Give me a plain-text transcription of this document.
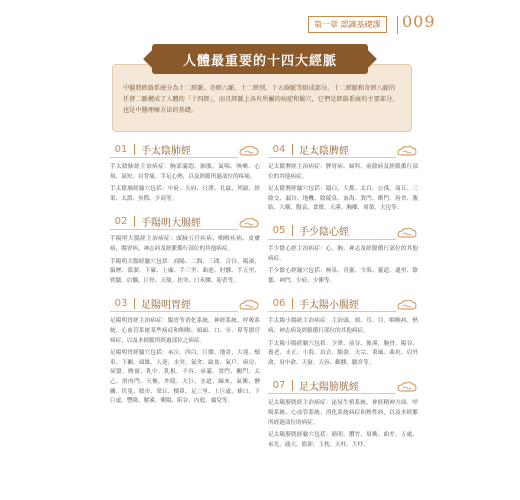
第一章 認識基礎課	009
中醫將經絡系統分為十二經脈、奇經八脈、十二經別、十五絡脈等組成部分。十二經脈和奇經八脈的任督二脈構成了人體的「十四經」，而且經脈上各有所屬的病症和臉穴，它們是經絡系統的主要部分，也是中醫理療方法的基礎。
人體最重要的十四大經脈
01	手太陰肺經

手太陰肺經主治病症：胸部滿悶、肺脹、氣喘、咳嗽、心煩、氣短、肩背痛、手足心熱，以及經脈所過部位的疼痛。

手太陰肺經腧穴包括：中府、天府、尺澤、孔最、列缺、經渠、太淵、魚際、少商等。

02	手陽明大腸經

手陽明大腸經主治病症：頭臉五官疾病、咽喉疾病、皮膚病、腸胃病、神志病及經脈循行部位的其他病症。

手陽明大腸經腧穴包括：商陽、二間、三間、合谷、陽溪、偏歷、溫溜、下廉、上廉、手三里、曲池、肘髎、手五里、臂臑、肩髃、巨骨、天鼎、扶突、口禾髎、迎香等。

03	足陽明胃經

足陽明胃經主治病症：腸胃等消化系統、神經系統、呼吸系統、心血管系統某些病症和咽喉、頭面、口、牙、鼻等器官病症，以及本經脈所經過部位之病症。

足陽明胃經腧穴包括：承泣、四白、巨髎、地倉、大迎、頰車、下關、頭維、人迎、水突、氣舍、缺盆、氣戶、庫房、屋翳、膺窗、乳中、乳根、不容、承滿、梁門、關門、太乙、滑肉門、天樞、外陵、大巨、水道、歸來、氣衝、髀關、伏兔、陰市、梁丘、犢鼻、足三里、上巨虛、條口、下巨虛、豐隆、解溪、衝陽、陷谷、內庭、厲兌等。

04	足太陰脾經

足太陰脾經主治病症：脾胃病、婦科、前陰病及經脈循行部位的其他病症。

足太陰脾經腧穴包括：隱白、大都、太白、公孫、商丘、三陰交、漏谷、地機、陰陵泉、血海、箕門、衝門、府舍、腹結、大橫、腹哀、食竇、天溪、胸鄉、周榮、大包等。

05	手少陰心經

手少陰心經主治病症：心、胸、神志及經脈循行部位的其他病症。

手少陰心經腧穴包括：極泉、青靈、少海、靈道、通里、陰郄、神門、少府、少衝等。

06	手太陽小腸經

手太陽小腸經主治病症：主治頭、頸、耳、目、咽喉病、熱病、神志病及經脈循行部位的其他病症。

手太陽小腸經腧穴包括：少澤、前谷、後溪、腕骨、陽谷、養老、支正、小海、肩貞、臑俞、天宗、秉風、曲垣、肩外俞、肩中俞、天窗、天容、顴髎、聽宮等。

07	足太陽膀胱經

足太陽膀胱經主治病症：泌尿生殖系統、神經精神方面、呼吸系統、心血管系統、消化系統病症和熱性病，以及本經脈所經過部位的病症。

足太陽膀胱經腧穴包括：睛明、攢竹、眉衝、曲差、五處、承光、通天、絡卻、玉枕、天柱、大杼、
